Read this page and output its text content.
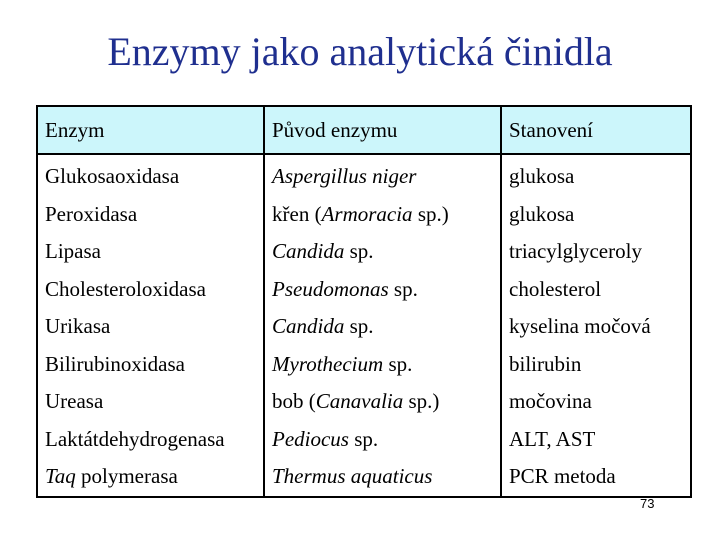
Enzymy jako analytická činidla
Enzym	Původ enzymu	Stanovení
Glukosaoxidasa	Aspergillus niger	glukosa
Peroxidasa	křen (Armoracia sp.)	glukosa
Lipasa	Candida sp.	triacylglyceroly
Cholesteroloxidasa	Pseudomonas sp.	cholesterol
Urikasa	Candida sp.	kyselina močová
Bilirubinoxidasa	Myrothecium sp.	bilirubin
Ureasa	bob (Canavalia sp.)	močovina
Laktátdehydrogenasa	Pediocus sp.	ALT, AST
Taq polymerasa	Thermus aquaticus	PCR metoda
73
